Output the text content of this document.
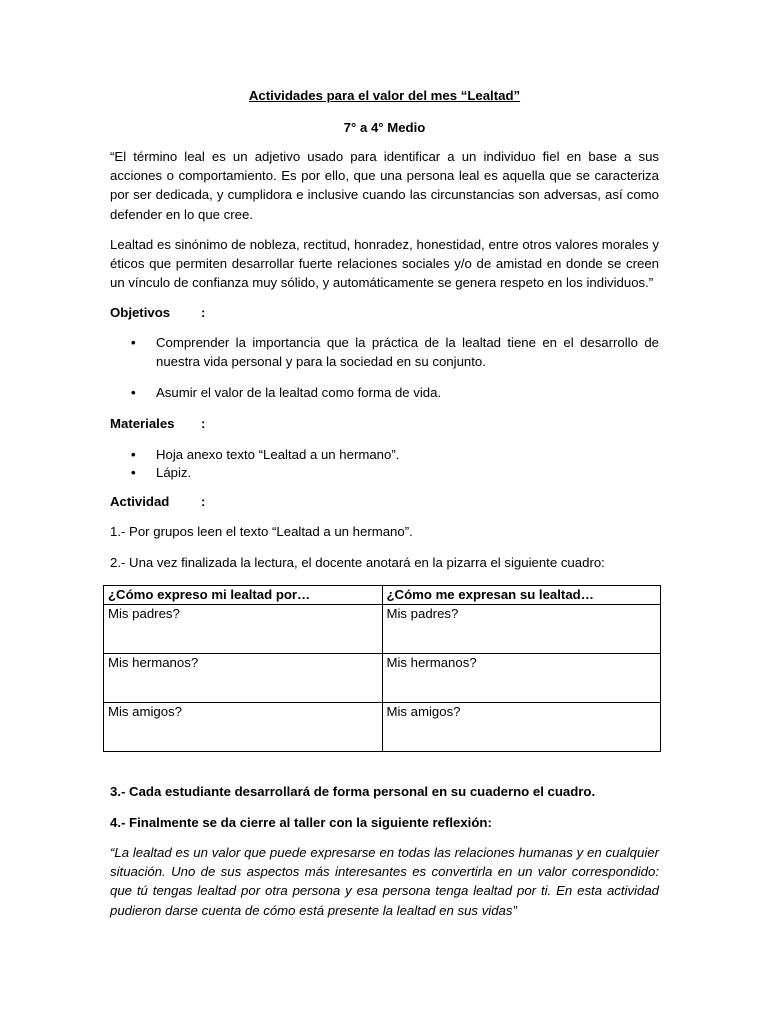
Actividades para el valor del mes “Lealtad”
7° a 4° Medio
“El término leal es un adjetivo usado para identificar a un individuo fiel en base a sus acciones o comportamiento. Es por ello, que una persona leal es aquella que se caracteriza por ser dedicada, y cumplidora e inclusive cuando las circunstancias son adversas, así como defender en lo que cree.
Lealtad es sinónimo de nobleza, rectitud, honradez, honestidad, entre otros valores morales y éticos que permiten desarrollar fuerte relaciones sociales y/o de amistad en donde se creen un vínculo de confianza muy sólido, y automáticamente se genera respeto en los individuos.”
Objetivos :
• Comprender la importancia que la práctica de la lealtad tiene en el desarrollo de nuestra vida personal y para la sociedad en su conjunto.
• Asumir el valor de la lealtad como forma de vida.
Materiales :
• Hoja anexo texto “Lealtad a un hermano”.
• Lápiz.
Actividad :
1.- Por grupos leen el texto “Lealtad a un hermano”.
2.- Una vez finalizada la lectura, el docente anotará en la pizarra el siguiente cuadro:
¿Cómo expreso mi lealtad por…	¿Cómo me expresan su lealtad…
Mis padres?	Mis padres?
Mis hermanos?	Mis hermanos?
Mis amigos?	Mis amigos?
3.- Cada estudiante desarrollará de forma personal en su cuaderno el cuadro.
4.- Finalmente se da cierre al taller con la siguiente reflexión:
“La lealtad es un valor que puede expresarse en todas las relaciones humanas y en cualquier situación. Uno de sus aspectos más interesantes es convertirla en un valor correspondido: que tú tengas lealtad por otra persona y esa persona tenga lealtad por ti. En esta actividad pudieron darse cuenta de cómo está presente la lealtad en sus vidas”
